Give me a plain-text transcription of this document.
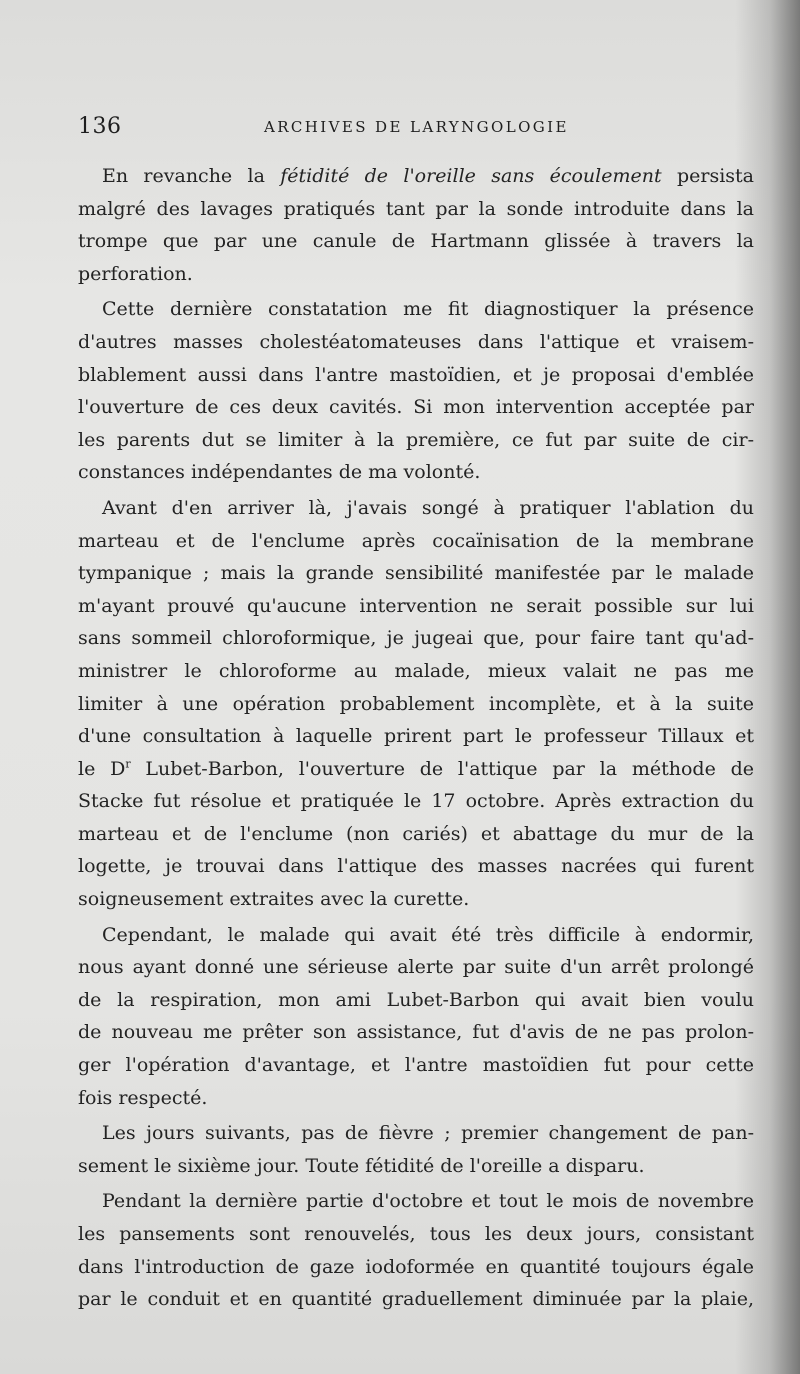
136	ARCHIVES DE LARYNGOLOGIE

En revanche la fétidité de l'oreille sans écoulement persista
malgré des lavages pratiqués tant par la sonde introduite dans la
trompe que par une canule de Hartmann glissée à travers la
perforation.

Cette dernière constatation me fit diagnostiquer la présence
d'autres masses cholestéatomateuses dans l'attique et vraisem-
blablement aussi dans l'antre mastoïdien, et je proposai d'emblée
l'ouverture de ces deux cavités. Si mon intervention acceptée par
les parents dut se limiter à la première, ce fut par suite de cir-
constances indépendantes de ma volonté.

Avant d'en arriver là, j'avais songé à pratiquer l'ablation du
marteau et de l'enclume après cocaïnisation de la membrane
tympanique ; mais la grande sensibilité manifestée par le malade
m'ayant prouvé qu'aucune intervention ne serait possible sur lui
sans sommeil chloroformique, je jugeai que, pour faire tant qu'ad-
ministrer le chloroforme au malade, mieux valait ne pas me
limiter à une opération probablement incomplète, et à la suite
d'une consultation à laquelle prirent part le professeur Tillaux et
le $D^r$ Lubet-Barbon, l'ouverture de l'attique par la méthode de
Stacke fut résolue et pratiquée le 17 octobre. Après extraction du
marteau et de l'enclume (non cariés) et abattage du mur de la
logette, je trouvai dans l'attique des masses nacrées qui furent
soigneusement extraites avec la curette.

Cependant, le malade qui avait été très difficile à endormir,
nous ayant donné une sérieuse alerte par suite d'un arrêt prolongé
de la respiration, mon ami Lubet-Barbon qui avait bien voulu
de nouveau me prêter son assistance, fut d'avis de ne pas prolon-
ger l'opération d'avantage, et l'antre mastoïdien fut pour cette
fois respecté.

Les jours suivants, pas de fièvre ; premier changement de pan-
sement le sixième jour. Toute fétidité de l'oreille a disparu.

Pendant la dernière partie d'octobre et tout le mois de novembre
les pansements sont renouvelés, tous les deux jours, consistant
dans l'introduction de gaze iodoformée en quantité toujours égale
par le conduit et en quantité graduellement diminuée par la plaie,
